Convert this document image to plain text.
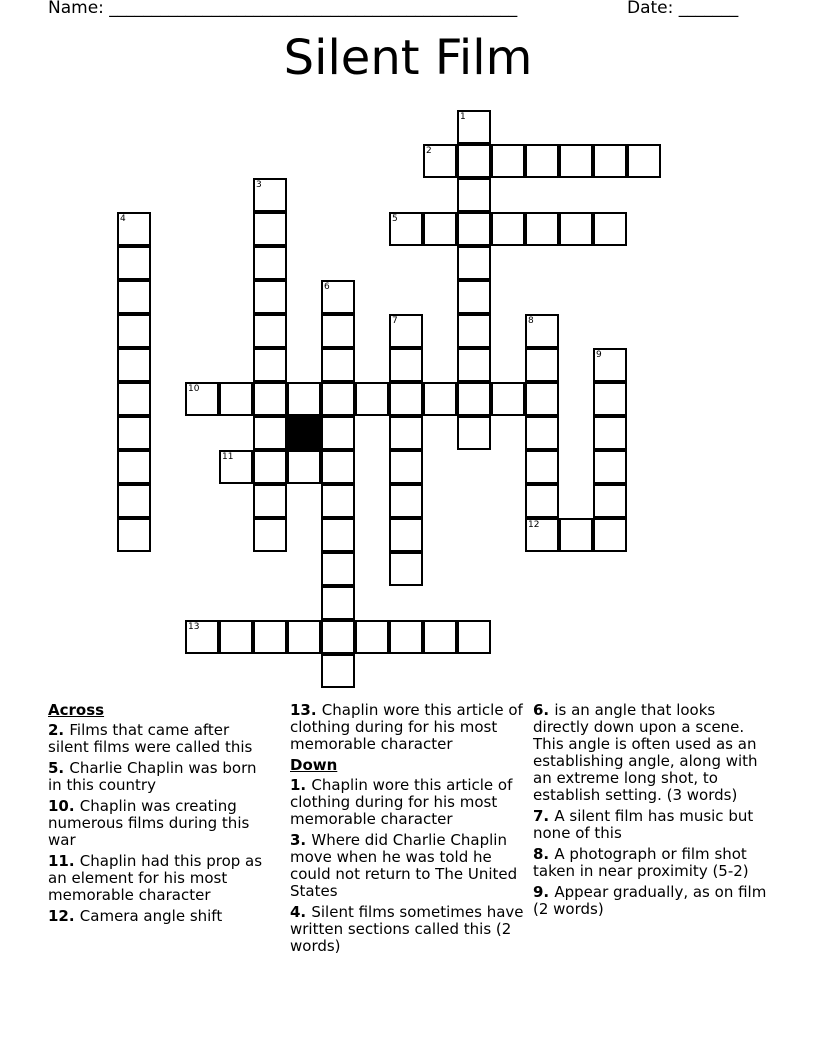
Name: ________________________________________________	Date: _______
Silent Film
1
2
3
4	5
6
7	8
12
9
10
11
13
Across
2. Films that came after silent films were called this
5. Charlie Chaplin was born in this country
10. Chaplin was creating numerous films during this war
11. Chaplin had this prop as an element for his most memorable character
12. Camera angle shift
13. Chaplin wore this article of clothing during for his most memorable character
Down
1. Chaplin wore this article of clothing during for his most memorable character
3. Where did Charlie Chaplin move when he was told he could not return to The United States
4. Silent films sometimes have written sections called this (2 words)
6. is an angle that looks directly down upon a scene. This angle is often used as an establishing angle, along with an extreme long shot, to establish setting. (3 words)
7. A silent film has music but none of this
8. A photograph or film shot taken in near proximity (5-2)
9. Appear gradually, as on film (2 words)
